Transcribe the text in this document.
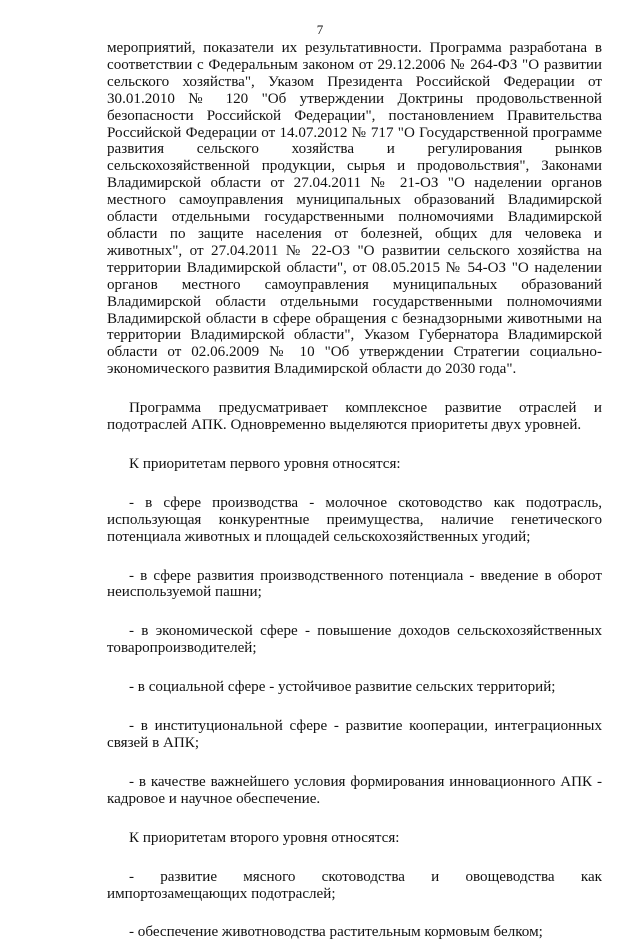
7

мероприятий, показатели их результативности. Программа разработана в соответствии с Федеральным законом от 29.12.2006 № 264-ФЗ "О развитии сельского хозяйства", Указом Президента Российской Федерации от 30.01.2010 № 120 "Об утверждении Доктрины продовольственной безопасности Российской Федерации", постановлением Правительства Российской Федерации от 14.07.2012 № 717 "О Государственной программе развития сельского хозяйства и регулирования рынков сельскохозяйственной продукции, сырья и продовольствия", Законами Владимирской области от 27.04.2011 № 21-ОЗ "О наделении органов местного самоуправления муниципальных образований Владимирской области отдельными государственными полномочиями Владимирской области по защите населения от болезней, общих для человека и животных", от 27.04.2011 № 22-ОЗ "О развитии сельского хозяйства на территории Владимирской области", от 08.05.2015 № 54-ОЗ "О наделении органов местного самоуправления муниципальных образований Владимирской области отдельными государственными полномочиями Владимирской области в сфере обращения с безнадзорными животными на территории Владимирской области", Указом Губернатора Владимирской области от 02.06.2009 № 10 "Об утверждении Стратегии социально-экономического развития Владимирской области до 2030 года".

Программа предусматривает комплексное развитие отраслей и подотраслей АПК. Одновременно выделяются приоритеты двух уровней.

К приоритетам первого уровня относятся:

- в сфере производства - молочное скотоводство как подотрасль, использующая конкурентные преимущества, наличие генетического потенциала животных и площадей сельскохозяйственных угодий;

- в сфере развития производственного потенциала - введение в оборот неиспользуемой пашни;

- в экономической сфере - повышение доходов сельскохозяйственных товаропроизводителей;

- в социальной сфере - устойчивое развитие сельских территорий;

- в институциональной сфере - развитие кооперации, интеграционных связей в АПК;

- в качестве важнейшего условия формирования инновационного АПК - кадровое и научное обеспечение.

К приоритетам второго уровня относятся:

- развитие мясного скотоводства и овощеводства как импортозамещающих подотраслей;

- обеспечение животноводства растительным кормовым белком;
